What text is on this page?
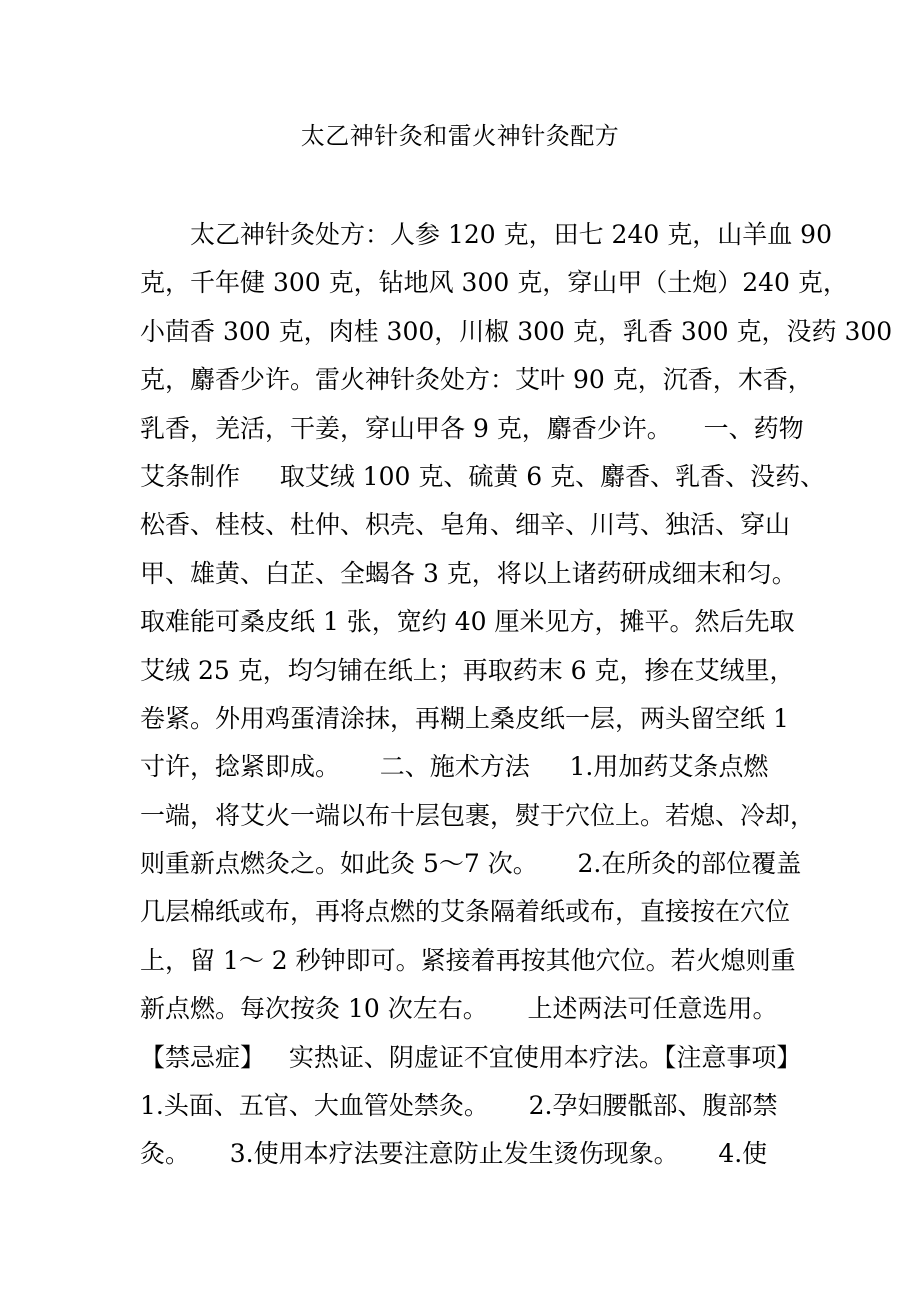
太乙神针灸和雷火神针灸配方
太乙神针灸处方：人参 120 克，田七 240 克，山羊血 90
克，千年健 300 克，钻地风 300 克，穿山甲（土炮）240 克，
小茴香 300 克，肉桂 300，川椒 300 克，乳香 300 克，没药 300
克，麝香少许。雷火神针灸处方：艾叶 90 克，沉香，木香，
乳香，羌活，干姜，穿山甲各 9 克，麝香少许。    一、药物
艾条制作     取艾绒 100 克、硫黄 6 克、麝香、乳香、没药、
松香、桂枝、杜仲、枳壳、皂角、细辛、川芎、独活、穿山
甲、雄黄、白芷、全蝎各 3 克，将以上诸药研成细末和匀。
取难能可桑皮纸 1 张，宽约 40 厘米见方，摊平。然后先取
艾绒 25 克，均匀铺在纸上；再取药末 6 克，掺在艾绒里，
卷紧。外用鸡蛋清涂抹，再糊上桑皮纸一层，两头留空纸 1
寸许，捻紧即成。     二、施术方法     1.用加药艾条点燃
一端，将艾火一端以布十层包裹，熨于穴位上。若熄、冷却，
则重新点燃灸之。如此灸 5～7 次。     2.在所灸的部位覆盖
几层棉纸或布，再将点燃的艾条隔着纸或布，直接按在穴位
上，留 1～ 2 秒钟即可。紧接着再按其他穴位。若火熄则重
新点燃。每次按灸 10 次左右。     上述两法可任意选用。
【禁忌症】   实热证、阴虚证不宜使用本疗法。【注意事项】
1.头面、五官、大血管处禁灸。     2.孕妇腰骶部、腹部禁
灸。     3.使用本疗法要注意防止发生烫伤现象。     4.使
